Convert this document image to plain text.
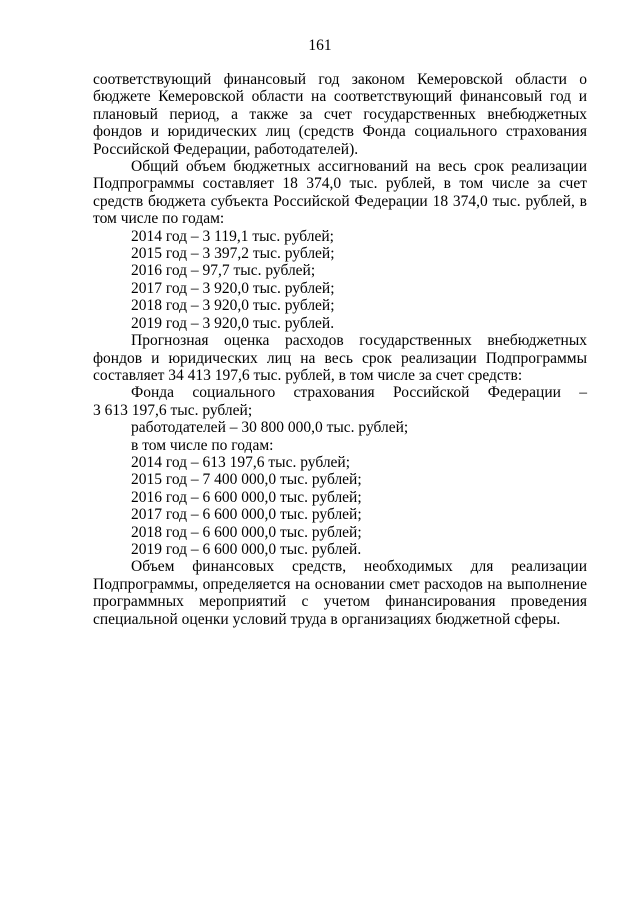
161

соответствующий финансовый год законом Кемеровской области о бюджете Кемеровской области на соответствующий финансовый год и плановый период, а также за счет государственных внебюджетных фондов и юридических лиц (средств Фонда социального страхования Российской Федерации, работодателей).

Общий объем бюджетных ассигнований на весь срок реализации Подпрограммы составляет 18 374,0 тыс. рублей, в том числе за счет средств бюджета субъекта Российской Федерации 18 374,0 тыс. рублей, в том числе по годам:

2014 год – 3 119,1 тыс. рублей;

2015 год – 3 397,2 тыс. рублей;

2016 год – 97,7 тыс. рублей;

2017 год – 3 920,0 тыс. рублей;

2018 год – 3 920,0 тыс. рублей;

2019 год – 3 920,0 тыс. рублей.

Прогнозная оценка расходов государственных внебюджетных фондов и юридических лиц на весь срок реализации Подпрограммы составляет 34 413 197,6 тыс. рублей, в том числе за счет средств:

Фонда социального страхования Российской Федерации –

3 613 197,6 тыс. рублей;

работодателей – 30 800 000,0 тыс. рублей;

в том числе по годам:

2014 год – 613 197,6 тыс. рублей;

2015 год – 7 400 000,0 тыс. рублей;

2016 год – 6 600 000,0 тыс. рублей;

2017 год – 6 600 000,0 тыс. рублей;

2018 год – 6 600 000,0 тыс. рублей;

2019 год – 6 600 000,0 тыс. рублей.

Объем финансовых средств, необходимых для реализации Подпрограммы, определяется на основании смет расходов на выполнение программных мероприятий с учетом финансирования проведения специальной оценки условий труда в организациях бюджетной сферы.
